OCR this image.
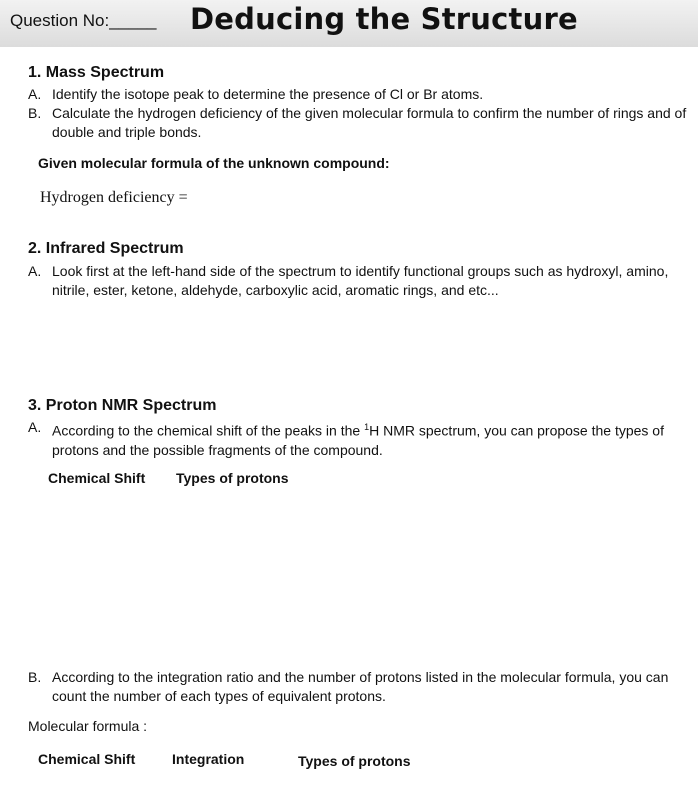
Question No:_____ Deducing the Structure
1. Mass Spectrum
A. Identify the isotope peak to determine the presence of Cl or Br atoms.
B. Calculate the hydrogen deficiency of the given molecular formula to confirm the number of rings and of double and triple bonds.
Given molecular formula of the unknown compound:
Hydrogen deficiency =
2. Infrared Spectrum
A. Look first at the left-hand side of the spectrum to identify functional groups such as hydroxyl, amino, nitrile, ester, ketone, aldehyde, carboxylic acid, aromatic rings, and etc...
3. Proton NMR Spectrum
A. According to the chemical shift of the peaks in the $^1$H NMR spectrum, you can propose the types of protons and the possible fragments of the compound.
Chemical Shift Types of protons
B. According to the integration ratio and the number of protons listed in the molecular formula, you can count the number of each types of equivalent protons.
Molecular formula :
Chemical Shift	Integration	Types of protons
